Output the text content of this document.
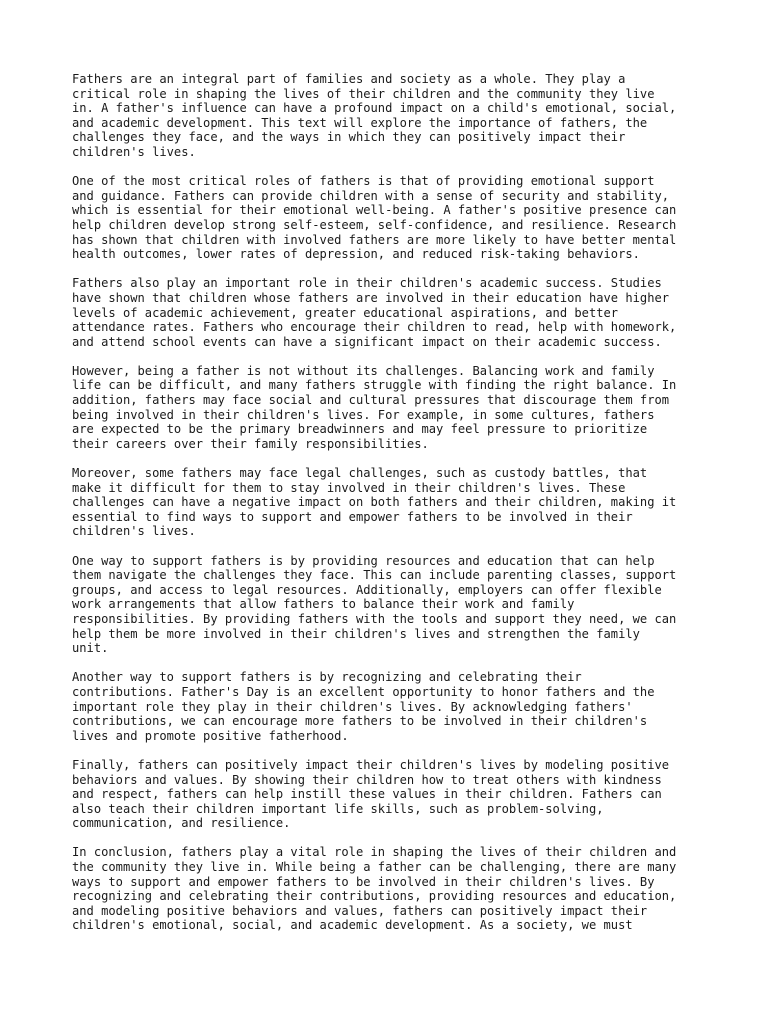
Fathers are an integral part of families and society as a whole. They play a
critical role in shaping the lives of their children and the community they live
in. A father's influence can have a profound impact on a child's emotional, social,
and academic development. This text will explore the importance of fathers, the
challenges they face, and the ways in which they can positively impact their
children's lives.

One of the most critical roles of fathers is that of providing emotional support
and guidance. Fathers can provide children with a sense of security and stability,
which is essential for their emotional well-being. A father's positive presence can
help children develop strong self-esteem, self-confidence, and resilience. Research
has shown that children with involved fathers are more likely to have better mental
health outcomes, lower rates of depression, and reduced risk-taking behaviors.

Fathers also play an important role in their children's academic success. Studies
have shown that children whose fathers are involved in their education have higher
levels of academic achievement, greater educational aspirations, and better
attendance rates. Fathers who encourage their children to read, help with homework,
and attend school events can have a significant impact on their academic success.

However, being a father is not without its challenges. Balancing work and family
life can be difficult, and many fathers struggle with finding the right balance. In
addition, fathers may face social and cultural pressures that discourage them from
being involved in their children's lives. For example, in some cultures, fathers
are expected to be the primary breadwinners and may feel pressure to prioritize
their careers over their family responsibilities.

Moreover, some fathers may face legal challenges, such as custody battles, that
make it difficult for them to stay involved in their children's lives. These
challenges can have a negative impact on both fathers and their children, making it
essential to find ways to support and empower fathers to be involved in their
children's lives.

One way to support fathers is by providing resources and education that can help
them navigate the challenges they face. This can include parenting classes, support
groups, and access to legal resources. Additionally, employers can offer flexible
work arrangements that allow fathers to balance their work and family
responsibilities. By providing fathers with the tools and support they need, we can
help them be more involved in their children's lives and strengthen the family
unit.

Another way to support fathers is by recognizing and celebrating their
contributions. Father's Day is an excellent opportunity to honor fathers and the
important role they play in their children's lives. By acknowledging fathers'
contributions, we can encourage more fathers to be involved in their children's
lives and promote positive fatherhood.

Finally, fathers can positively impact their children's lives by modeling positive
behaviors and values. By showing their children how to treat others with kindness
and respect, fathers can help instill these values in their children. Fathers can
also teach their children important life skills, such as problem-solving,
communication, and resilience.

In conclusion, fathers play a vital role in shaping the lives of their children and
the community they live in. While being a father can be challenging, there are many
ways to support and empower fathers to be involved in their children's lives. By
recognizing and celebrating their contributions, providing resources and education,
and modeling positive behaviors and values, fathers can positively impact their
children's emotional, social, and academic development. As a society, we must
